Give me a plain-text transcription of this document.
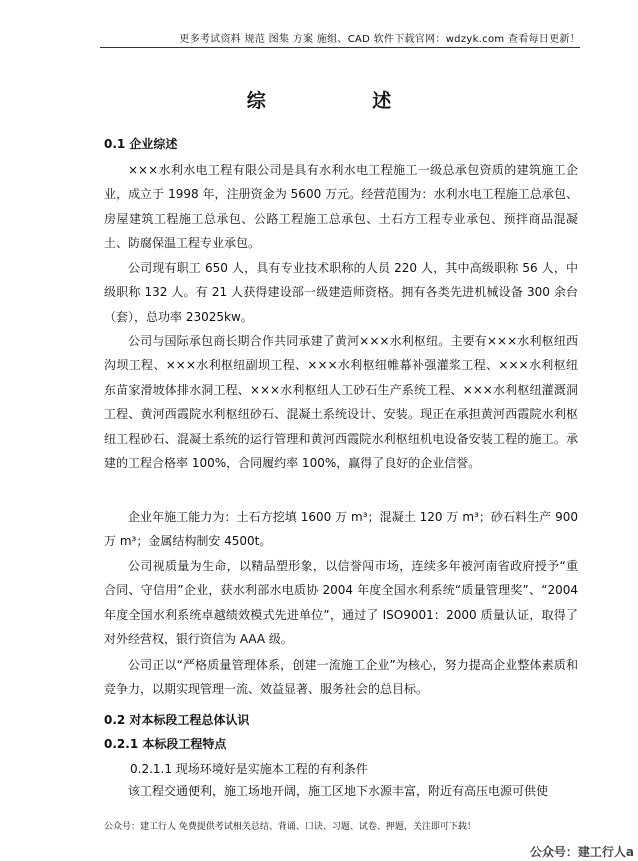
更多考试资料 规范 图集 方案 施组、CAD 软件下载官网：wdzyk.com 查看每日更新！
综 述
0.1 企业综述
×××水利水电工程有限公司是具有水利水电工程施工一级总承包资质的建筑施工企业，成立于 1998 年，注册资金为 5600 万元。经营范围为：水利水电工程施工总承包、房屋建筑工程施工总承包、公路工程施工总承包、土石方工程专业承包、预拌商品混凝土、防腐保温工程专业承包。
公司现有职工 650 人，具有专业技术职称的人员 220 人，其中高级职称 56 人，中级职称 132 人。有 21 人获得建设部一级建造师资格。拥有各类先进机械设备 300 余台（套），总功率 23025kw。
公司与国际承包商长期合作共同承建了黄河×××水利枢纽。主要有×××水利枢纽西沟坝工程、×××水利枢纽副坝工程、×××水利枢纽帷幕补强灌浆工程、×××水利枢纽东苗家滑坡体排水洞工程、×××水利枢纽人工砂石生产系统工程、×××水利枢纽灌溉洞工程、黄河西霞院水利枢纽砂石、混凝土系统设计、安装。现正在承担黄河西霞院水利枢纽工程砂石、混凝土系统的运行管理和黄河西霞院水利枢纽机电设备安装工程的施工。承建的工程合格率 100%，合同履约率 100%，赢得了良好的企业信誉。
企业年施工能力为：土石方挖填 1600 万 m³；混凝土 120 万 m³；砂石料生产 900 万 m³；金属结构制安 4500t。
公司视质量为生命，以精品塑形象，以信誉闯市场，连续多年被河南省政府授予“重合同、守信用”企业，获水利部水电质协 2004 年度全国水利系统“质量管理奖”、“2004 年度全国水利系统卓越绩效模式先进单位”，通过了 ISO9001：2000 质量认证，取得了对外经营权，银行资信为 AAA 级。
公司正以“严格质量管理体系，创建一流施工企业”为核心，努力提高企业整体素质和竞争力，以期实现管理一流、效益显著、服务社会的总目标。
0.2 对本标段工程总体认识
0.2.1 本标段工程特点
0.2.1.1 现场环境好是实施本工程的有利条件
该工程交通便利，施工场地开阔，施工区地下水源丰富，附近有高压电源可供使
公众号：建工行人 免费提供考试相关总结、背诵、口诀、习题、试卷、押题，关注即可下载！
公众号：建工行人a
